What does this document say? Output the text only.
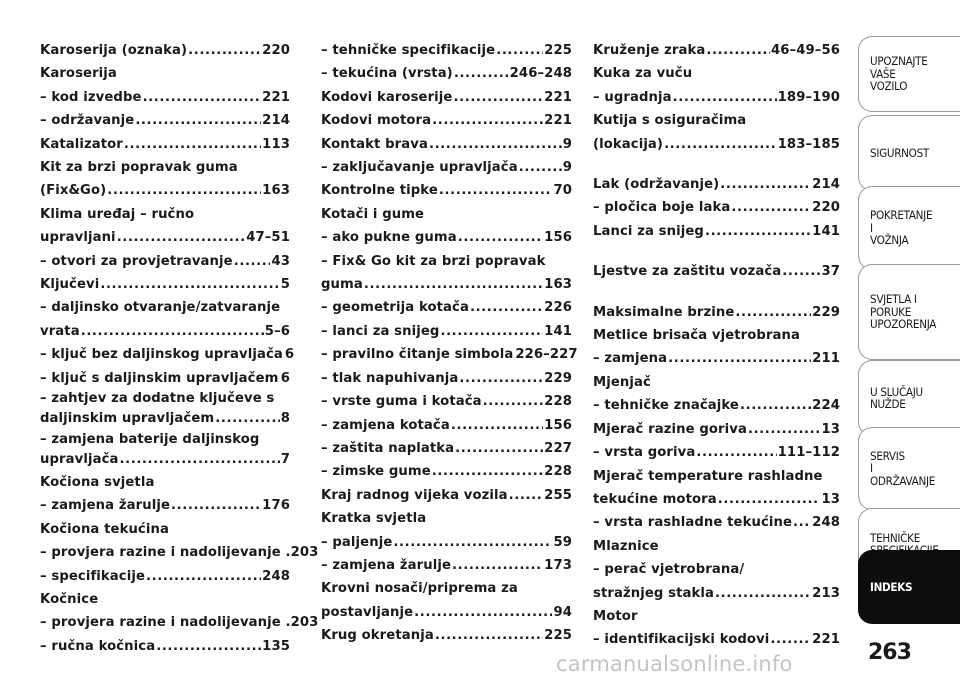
Karoserija (oznaka) .....	220
Karoserija
– kod izvedbe .....	221
– održavanje .....	214
Katalizator .....	113
Kit za brzi popravak guma
(Fix&Go) .....	163
Klima uređaj – ručno
upravljani .....	47–51
– otvori za provjetravanje .....	43
Ključevi .....	5
– daljinsko otvaranje/zatvaranje
vrata .....	5–6
– ključ bez daljinskog upravljača 6
– ključ s daljinskim upravljačem ..... 6
– zahtjev za dodatne ključeve s
daljinskim upravljačem .....	8
– zamjena baterije daljinskog
upravljača .....	7
Kočiona svjetla
– zamjena žarulje .....	176
Kočiona tekućina
– provjera razine i nadolijevanje .203
– specifikacije .....	248
Kočnice
– provjera razine i nadolijevanje .203
– ručna kočnica .....	135
– tehničke specifikacije .....	225
– tekućina (vrsta) .....	246–248
Kodovi karoserije .....	221
Kodovi motora .....	221
Kontakt brava .....	9
– zaključavanje upravljača .....	9
Kontrolne tipke .....	70
Kotači i gume
– ako pukne guma .....	156
– Fix& Go kit za brzi popravak
guma .....	163
– geometrija kotača .....	226
– lanci za snijeg .....	141
– pravilno čitanje simbola 226–227
– tlak napuhivanja .....	229
– vrste guma i kotača .....	228
– zamjena kotača .....	156
– zaštita naplatka .....	227
– zimske gume .....	228
Kraj radnog vijeka vozila .....	255
Kratka svjetla
– paljenje .....	59
– zamjena žarulje .....	173
Krovni nosači/priprema za
postavljanje .....	94
Krug okretanja .....	225
Kruženje zraka .....	46–49–56
Kuka za vuču
– ugradnja .....	189–190
Kutija s osiguračima
(lokacija) .....	183–185
Lak (održavanje) .....	214
– pločica boje laka .....	220
Lanci za snijeg .....	141
Ljestve za zaštitu vozača .....	37
Maksimalne brzine .....	229
Metlice brisača vjetrobrana
– zamjena .....	211
Mjenjač
– tehničke značajke .....	224
Mjerač razine goriva .....	13
– vrsta goriva .....	111–112
Mjerač temperature rashladne
tekućine motora .....	13
– vrsta rashladne tekućine ..... 248
Mlaznice
– perač vjetrobrana/
stražnjeg stakla .....	213
Motor
– identifikacijski kodovi .....	221
UPOZNAJTE
VAŠE
VOZILO
SIGURNOST
POKRETANJE
I
VOŽNJA
SVJETLA I
PORUKE
UPOZORENJA
U SLUČAJU
NUŽDE
SERVIS
I
ODRŽAVANJE
TEHNIČKE

INDEKS
263
carmanualsonline.info
